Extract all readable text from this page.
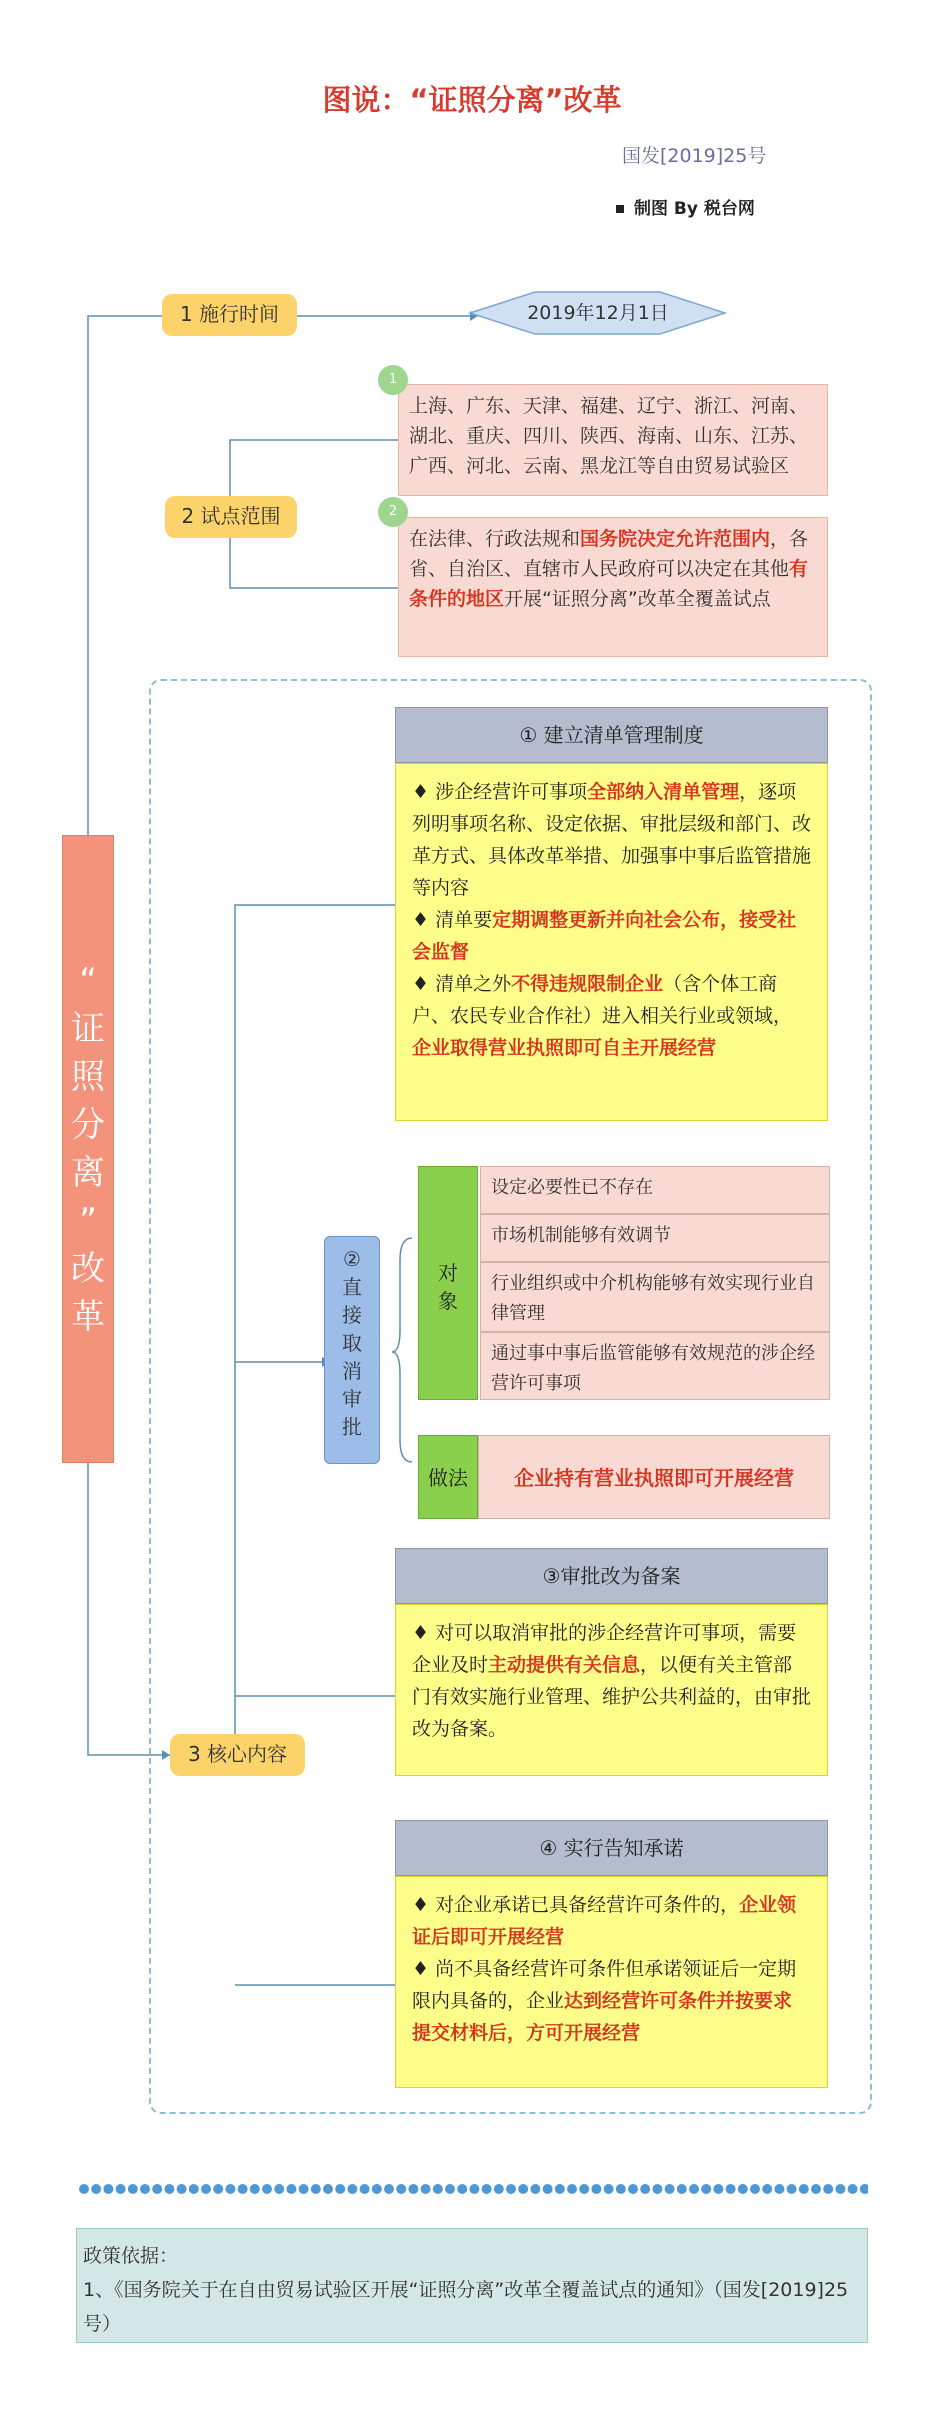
图说：“证照分离”改革
国发[2019]25号
制图 By 税台网
“
证
照
分
离
”
改
革
1 施行时间	2019年12月1日
2 试点范围
上海、广东、天津、福建、辽宁、浙江、河南、湖北、重庆、四川、陕西、海南、山东、江苏、广西、河北、云南、黑龙江等自由贸易试验区
1
在法律、行政法规和国务院决定允许范围内，各省、自治区、直辖市人民政府可以决定在其他有条件的地区开展“证照分离”改革全覆盖试点
2
① 建立清单管理制度
♦ 涉企经营许可事项全部纳入清单管理，逐项列明事项名称、设定依据、审批层级和部门、改革方式、具体改革举措、加强事中事后监管措施等内容
♦ 清单要定期调整更新并向社会公布，接受社会监督
♦ 清单之外不得违规限制企业（含个体工商户、农民专业合作社）进入相关行业或领域，企业取得营业执照即可自主开展经营
②直接取消审批
对象
设定必要性已不存在
市场机制能够有效调节
行业组织或中介机构能够有效实现行业自律管理
通过事中事后监管能够有效规范的涉企经营许可事项
做法	企业持有营业执照即可开展经营
③审批改为备案
♦ 对可以取消审批的涉企经营许可事项，需要企业及时主动提供有关信息，以便有关主管部门有效实施行业管理、维护公共利益的，由审批改为备案。
3 核心内容
④ 实行告知承诺
♦ 对企业承诺已具备经营许可条件的，企业领证后即可开展经营
♦ 尚不具备经营许可条件但承诺领证后一定期限内具备的，企业达到经营许可条件并按要求提交材料后，方可开展经营
政策依据：
1、《国务院关于在自由贸易试验区开展“证照分离”改革全覆盖试点的通知》（国发[2019]25号）
